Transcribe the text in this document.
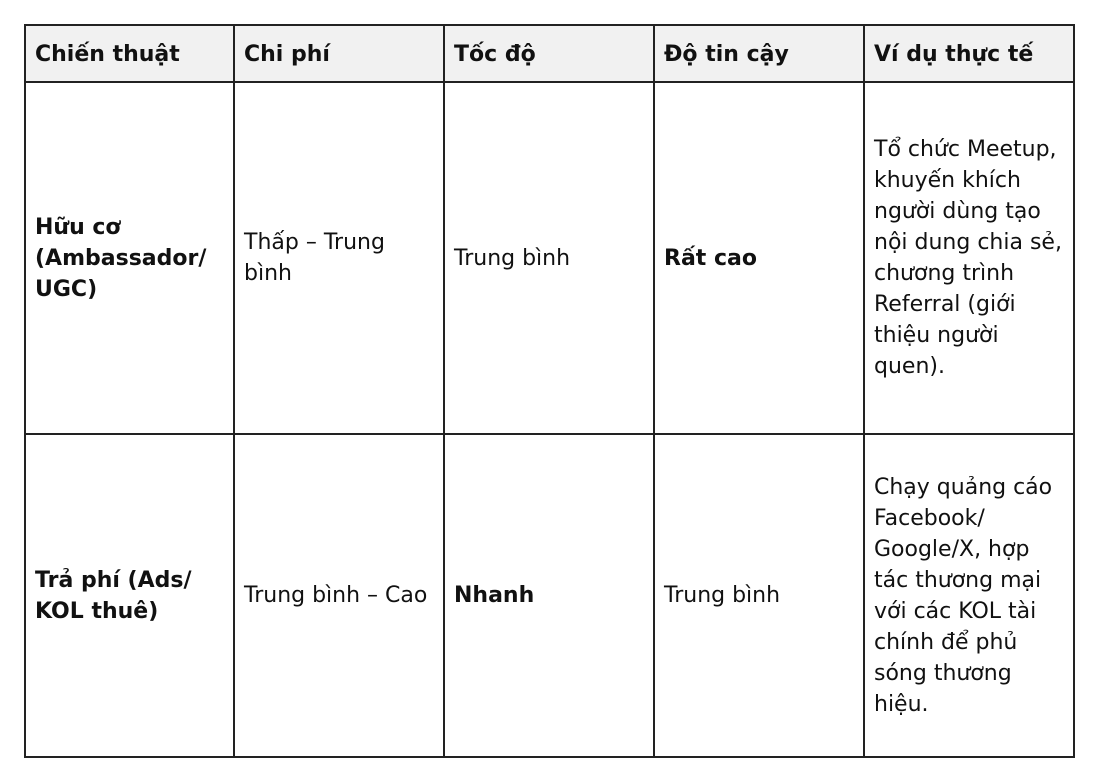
Chiến thuật	Chi phí	Tốc độ	Độ tin cậy	Ví dụ thực tế
Hữu cơ (Ambassador/ UGC)	Thấp – Trung bình	Trung bình	Rất cao	Tổ chức Meetup, khuyến khích người dùng tạo nội dung chia sẻ, chương trình Referral (giới thiệu người quen).
Trả phí (Ads/ KOL thuê)	Trung bình – Cao	Nhanh	Trung bình	Chạy quảng cáo Facebook/ Google/X, hợp tác thương mại với các KOL tài chính để phủ sóng thương hiệu.
